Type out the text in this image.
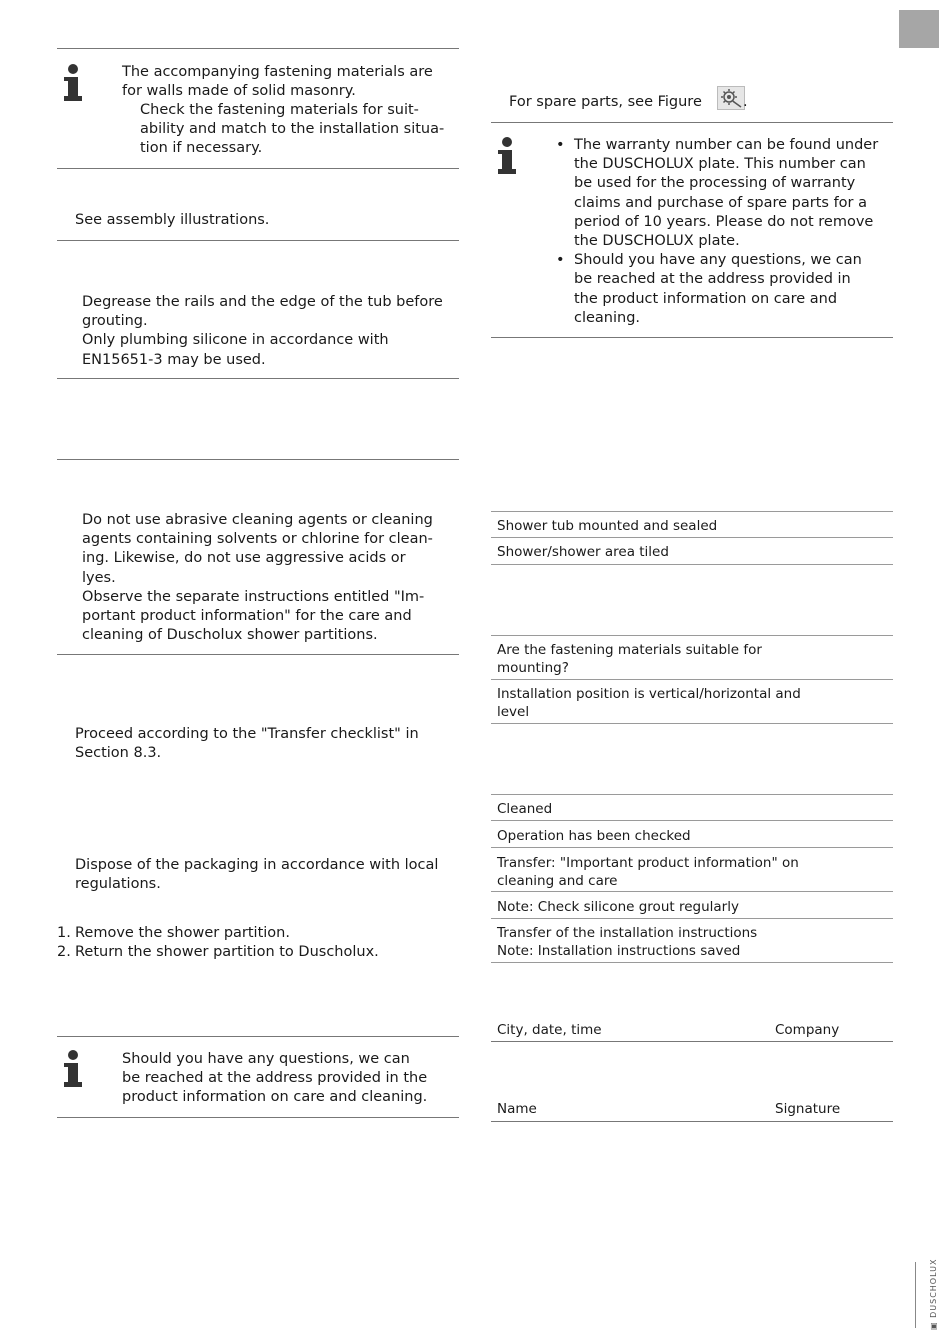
The accompanying fastening materials are
for walls made of solid masonry.
Check the fastening materials for suit-
ability and match to the installation situa-
tion if necessary.
See assembly illustrations.
Degrease the rails and the edge of the tub before
grouting.
Only plumbing silicone in accordance with
EN15651-3 may be used.
Do not use abrasive cleaning agents or cleaning
agents containing solvents or chlorine for clean-
ing. Likewise, do not use aggressive acids or
lyes.
Observe the separate instructions entitled "Im-
portant product information" for the care and
cleaning of Duscholux shower partitions.
Proceed according to the "Transfer checklist" in
Section 8.3.
Dispose of the packaging in accordance with local
regulations.
1. Remove the shower partition.
2. Return the shower partition to Duscholux.
Should you have any questions, we can
be reached at the address provided in the
product information on care and cleaning.
For spare parts, see Figure	.
• The warranty number can be found under
the DUSCHOLUX plate. This number can
be used for the processing of warranty
claims and purchase of spare parts for a
period of 10 years. Please do not remove
the DUSCHOLUX plate.
• Should you have any questions, we can
be reached at the address provided in
the product information on care and
cleaning.
Shower tub mounted and sealed
Shower/shower area tiled
Are the fastening materials suitable for
mounting?
Installation position is vertical/horizontal and
level
Cleaned
Operation has been checked
Transfer: "Important product information" on
cleaning and care
Note: Check silicone grout regularly
Transfer of the installation instructions
Note: Installation instructions saved
City, date, time	Company
Name	Signature
▣ DUSCHOLUX
